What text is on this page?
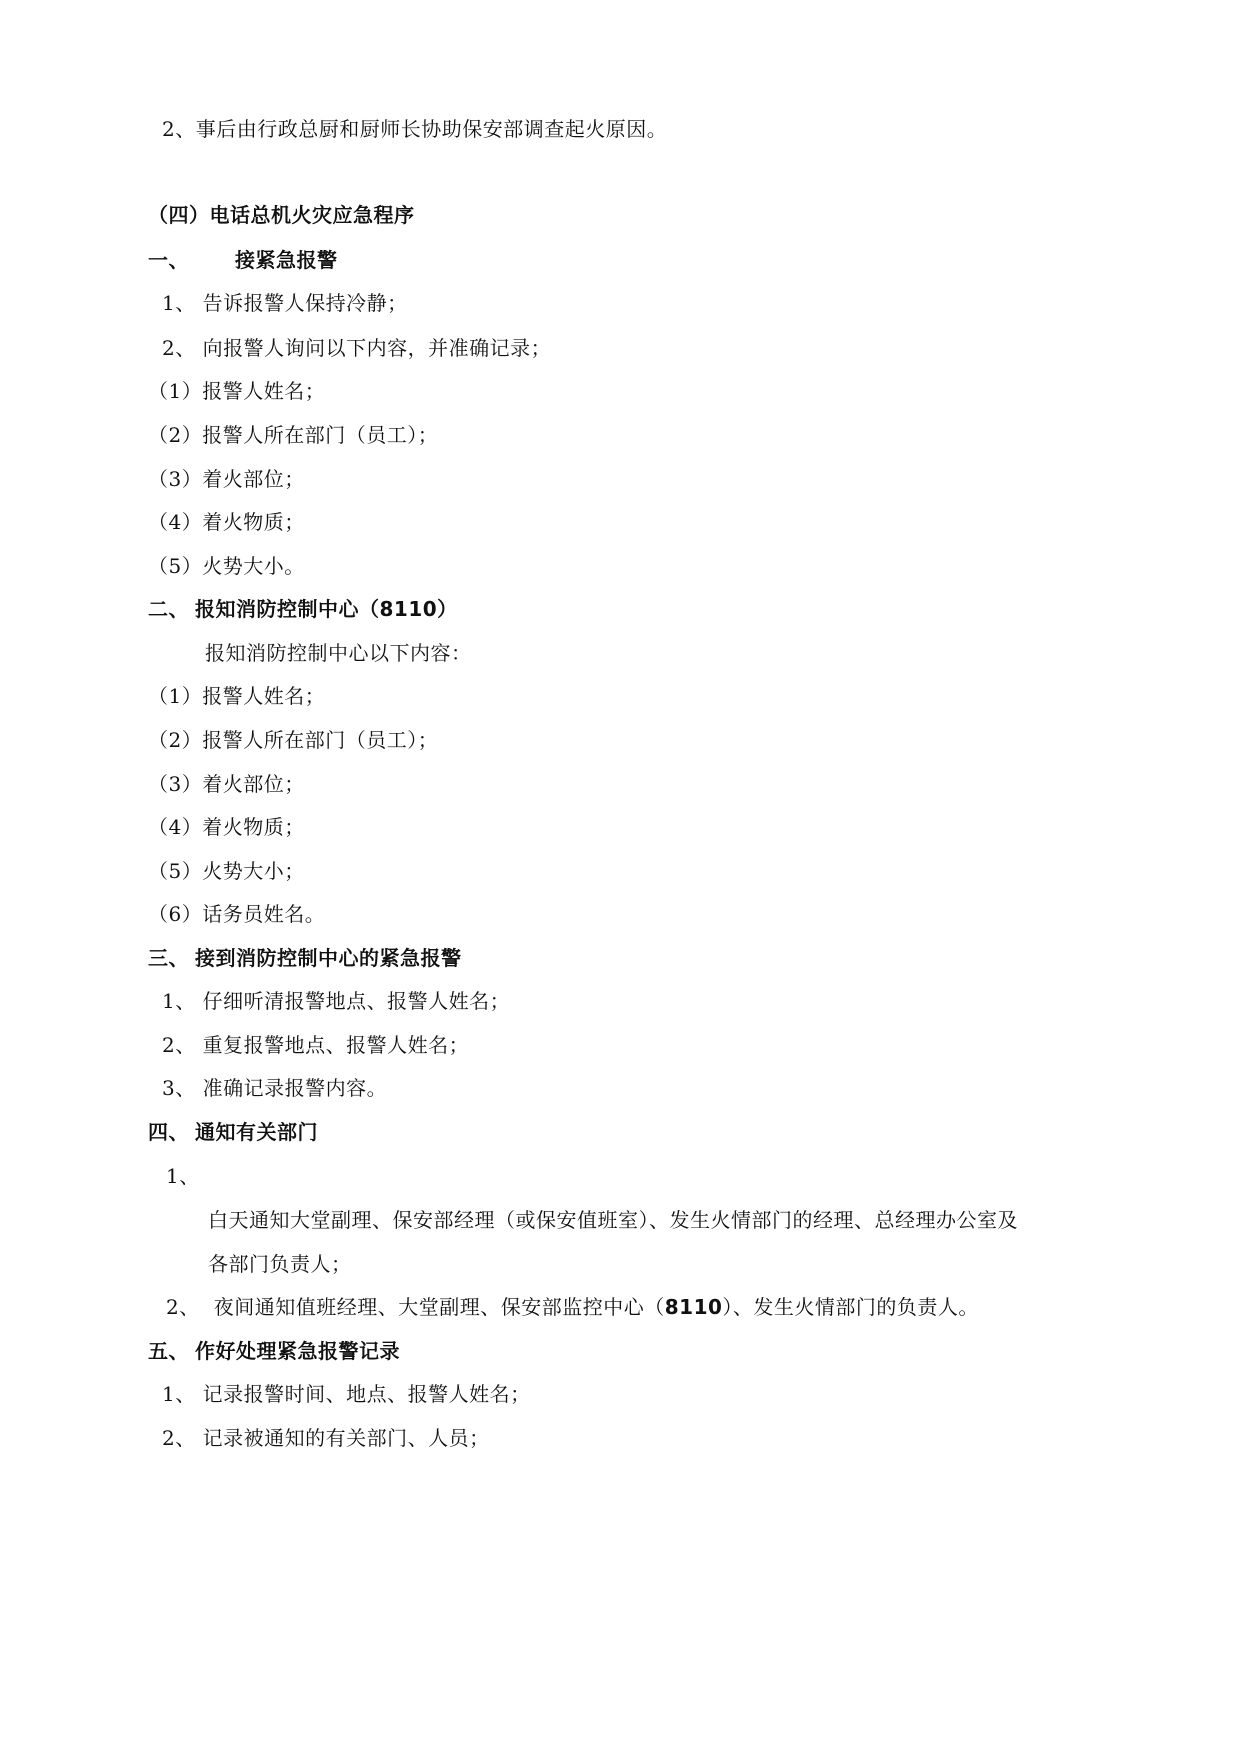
2、事后由行政总厨和厨师长协助保安部调查起火原因。
（四）电话总机火灾应急程序
一、 接紧急报警
1、 告诉报警人保持冷静；
2、 向报警人询问以下内容，并准确记录；
（1）报警人姓名；
（2）报警人所在部门（员工）；
（3）着火部位；
（4）着火物质；
（5）火势大小。
二、 报知消防控制中心（8110）
报知消防控制中心以下内容：
（1）报警人姓名；
（2）报警人所在部门（员工）；
（3）着火部位；
（4）着火物质；
（5）火势大小；
（6）话务员姓名。
三、 接到消防控制中心的紧急报警
1、 仔细听清报警地点、报警人姓名；
2、 重复报警地点、报警人姓名；
3、 准确记录报警内容。
四、 通知有关部门
1、
白天通知大堂副理、保安部经理（或保安值班室）、发生火情部门的经理、总经理办公室及
各部门负责人；
2、 夜间通知值班经理、大堂副理、保安部监控中心（8110）、发生火情部门的负责人。
五、 作好处理紧急报警记录
1、 记录报警时间、地点、报警人姓名；
2、 记录被通知的有关部门、人员；
